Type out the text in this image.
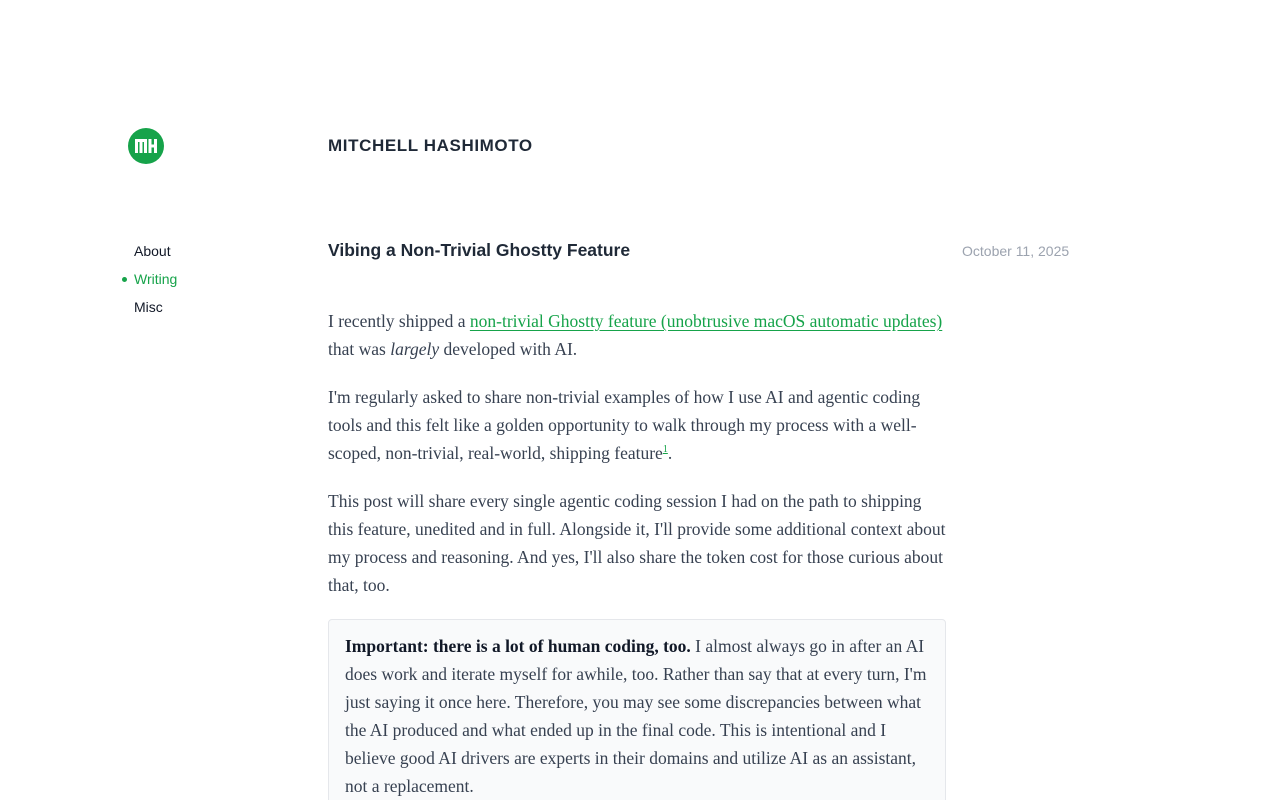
MITCHELL HASHIMOTO
About
Writing
Misc
Vibing a Non-Trivial Ghostty Feature	October 11, 2025

I recently shipped a non-trivial Ghostty feature (unobtrusive macOS automatic updates) that was largely developed with AI.

I'm regularly asked to share non-trivial examples of how I use AI and agentic coding tools and this felt like a golden opportunity to walk through my process with a well-scoped, non-trivial, real-world, shipping feature$^1$.

This post will share every single agentic coding session I had on the path to shipping this feature, unedited and in full. Alongside it, I'll provide some additional context about my process and reasoning. And yes, I'll also share the token cost for those curious about that, too.

Important: there is a lot of human coding, too. I almost always go in after an AI does work and iterate myself for awhile, too. Rather than say that at every turn, I'm just saying it once here. Therefore, you may see some discrepancies between what the AI produced and what ended up in the final code. This is intentional and I believe good AI drivers are experts in their domains and utilize AI as an assistant, not a replacement.
